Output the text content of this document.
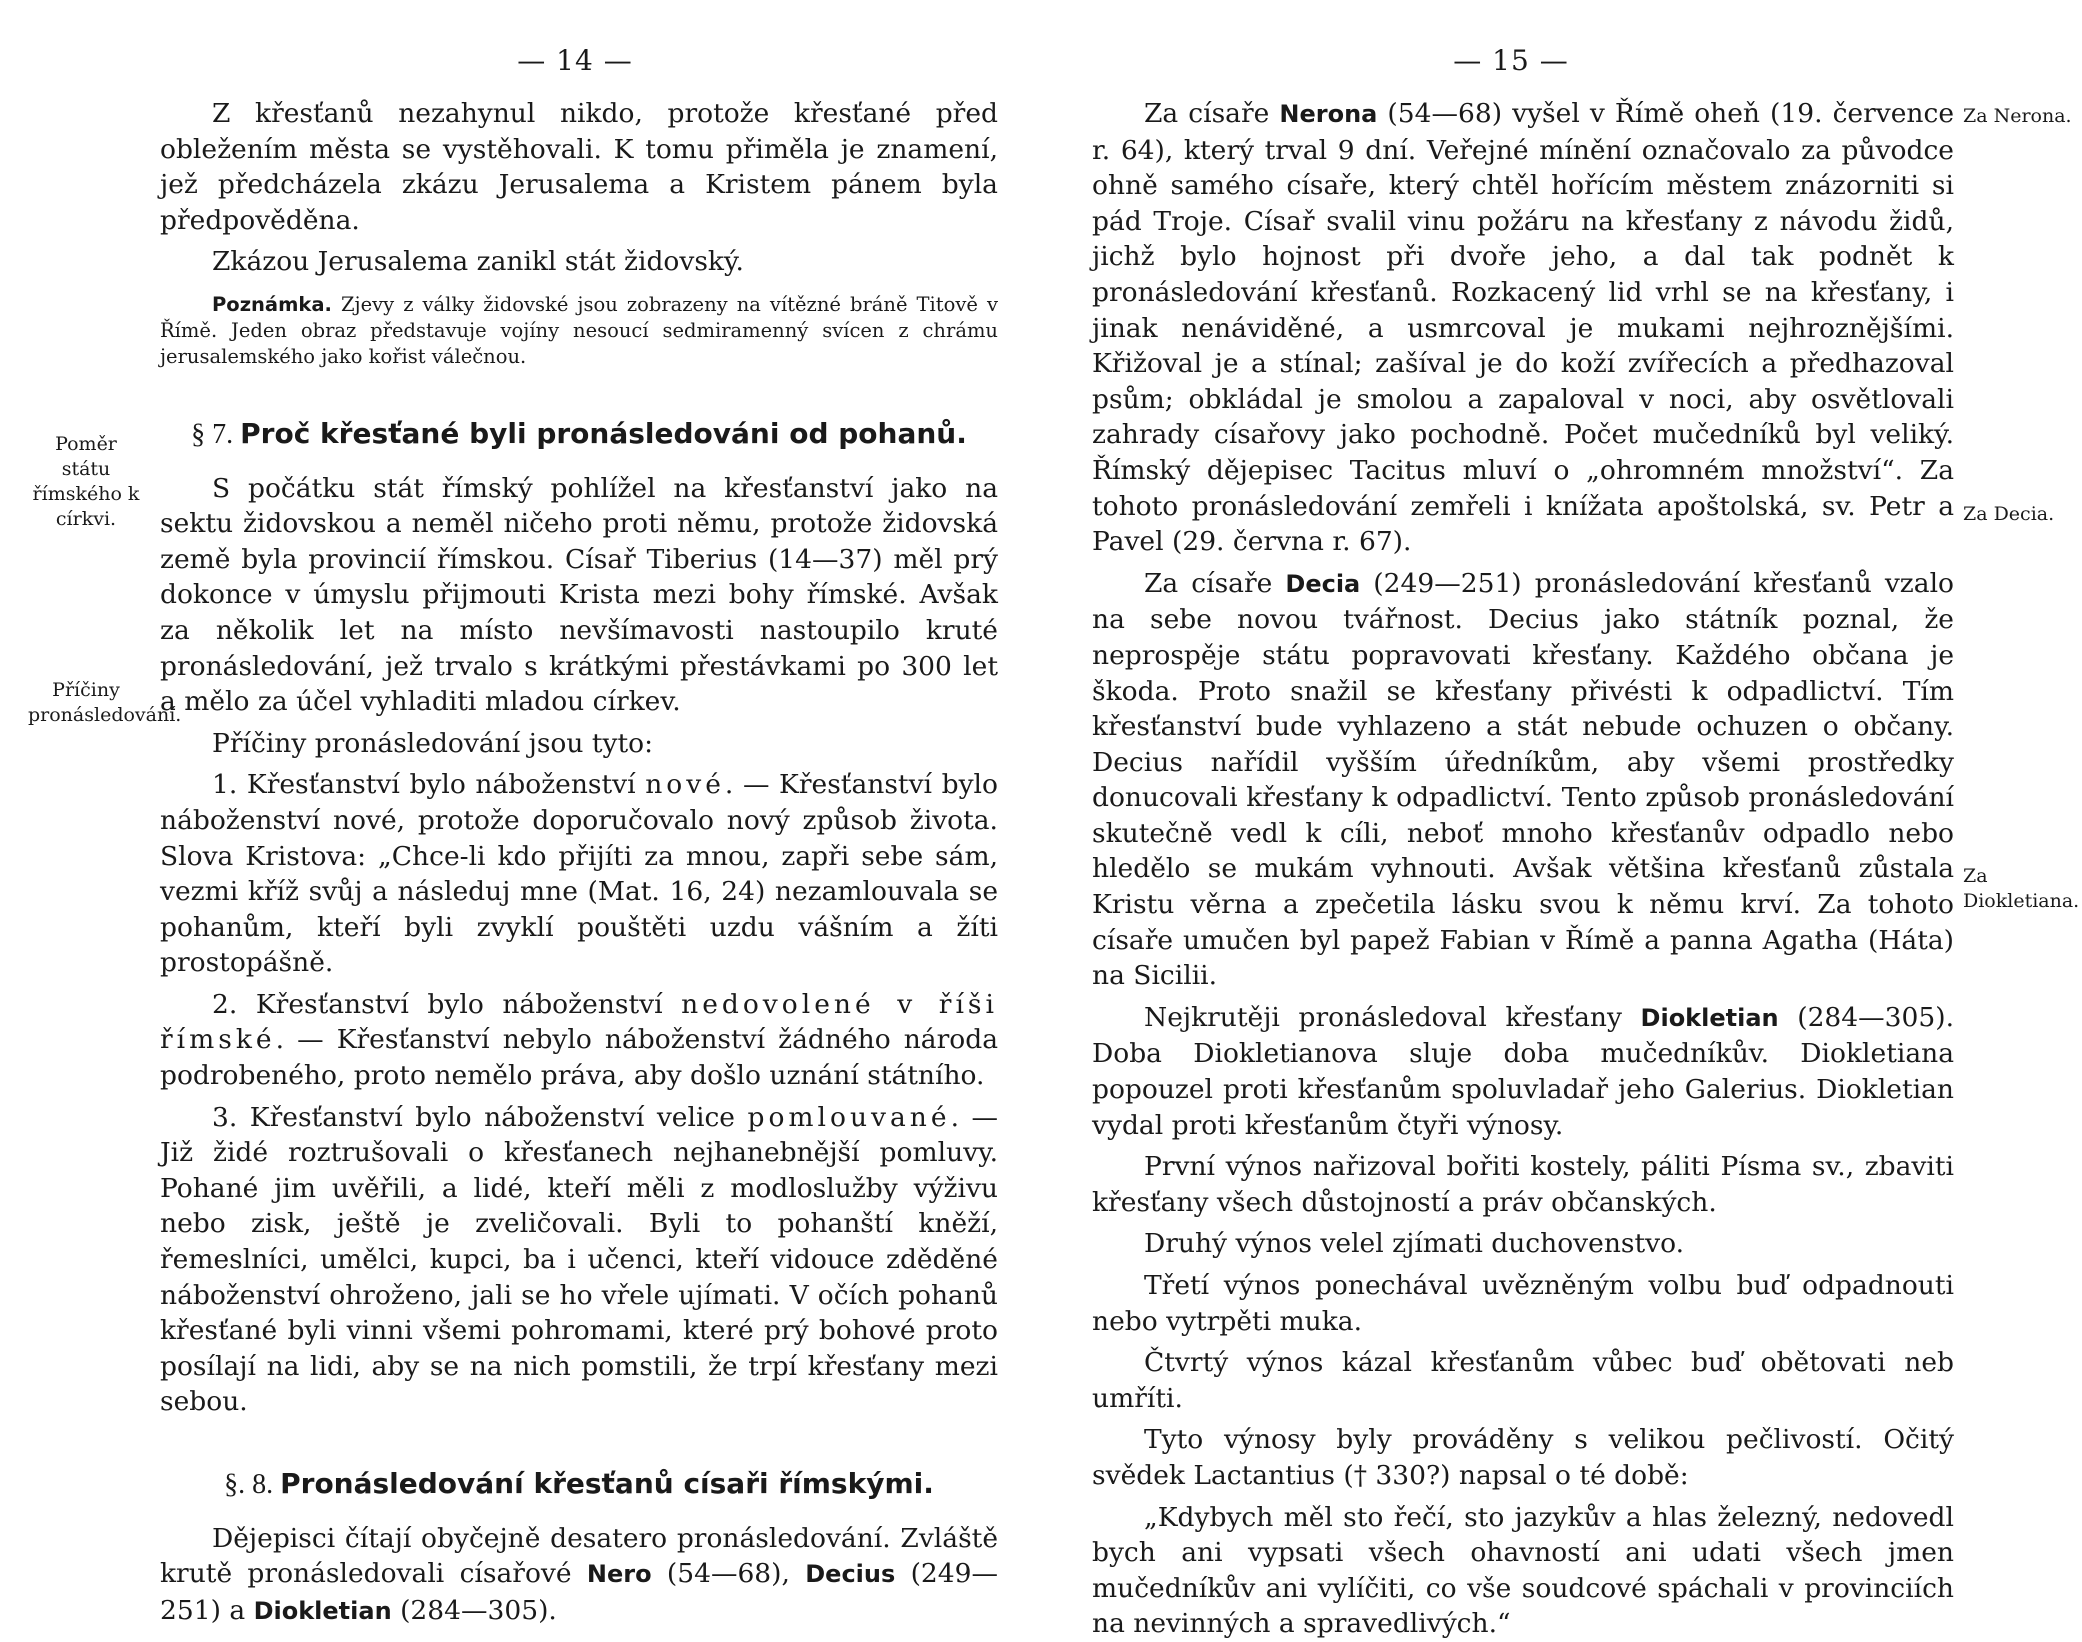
— 14 —
Poměr státu římského k církvi.
Příčiny pronásledování.

Z křesťanů nezahynul nikdo, protože křesťané před obležením města se vystěhovali. K tomu přiměla je znamení, jež předcházela zkázu Jerusalema a Kristem pánem byla předpověděna.

Zkázou Jerusalema zanikl stát židovský.

Poznámka. Zjevy z války židovské jsou zobrazeny na vítězné bráně Titově v Římě. Jeden obraz představuje vojíny nesoucí sedmiramenný svícen z chrámu jerusalemského jako kořist válečnou.

§ 7. Proč křesťané byli pronásledováni od pohanů.

S počátku stát římský pohlížel na křesťanství jako na sektu židovskou a neměl ničeho proti němu, protože židovská země byla provincií římskou. Císař Tiberius (14—37) měl prý dokonce v úmyslu přijmouti Krista mezi bohy římské. Avšak za několik let na místo nevšímavosti nastoupilo kruté pronásledování, jež trvalo s krátkými přestávkami po 300 let a mělo za účel vyhladiti mladou církev.

Příčiny pronásledování jsou tyto:

1. Křesťanství bylo náboženství nové. — Křesťanství bylo náboženství nové, protože doporučovalo nový způsob života. Slova Kristova: „Chce-li kdo přijíti za mnou, zapři sebe sám, vezmi kříž svůj a následuj mne (Mat. 16, 24) nezamlouvala se pohanům, kteří byli zvyklí pouštěti uzdu vášním a žíti prostopášně.

2. Křesťanství bylo náboženství nedovolené v říši římské. — Křesťanství nebylo náboženství žádného národa podrobeného, proto nemělo práva, aby došlo uznání státního.

3. Křesťanství bylo náboženství velice pomlouvané. — Již židé roztrušovali o křesťanech nejhanebnější pomluvy. Pohané jim uvěřili, a lidé, kteří měli z modloslužby výživu nebo zisk, ještě je zveličovali. Byli to pohanští kněží, řemeslníci, umělci, kupci, ba i učenci, kteří vidouce zděděné náboženství ohroženo, jali se ho vřele ujímati. V očích pohanů křesťané byli vinni všemi pohromami, které prý bohové proto posílají na lidi, aby se na nich pomstili, že trpí křesťany mezi sebou.

§. 8. Pronásledování křesťanů císaři římskými.

Dějepisci čítají obyčejně desatero pronásledování. Zvláště krutě pronásledovali císařové Nero (54—68), Decius (249—251) a Diokletian (284—305).

— 15 —
Za Nerona.
Za Decia.
Za Diokletiana.

Za císaře Nerona (54—68) vyšel v Římě oheň (19. července r. 64), který trval 9 dní. Veřejné mínění označovalo za původce ohně samého císaře, který chtěl hořícím městem znázorniti si pád Troje. Císař svalil vinu požáru na křesťany z návodu židů, jichž bylo hojnost při dvoře jeho, a dal tak podnět k pronásledování křesťanů. Rozkacený lid vrhl se na křesťany, i jinak nenáviděné, a usmrcoval je mukami nejhroznějšími. Křižoval je a stínal; zašíval je do koží zvířecích a předhazoval psům; obkládal je smolou a zapaloval v noci, aby osvětlovali zahrady císařovy jako pochodně. Počet mučedníků byl veliký. Římský dějepisec Tacitus mluví o „ohromném množství“. Za tohoto pronásledování zemřeli i knížata apoštolská, sv. Petr a Pavel (29. června r. 67).

Za císaře Decia (249—251) pronásledování křesťanů vzalo na sebe novou tvářnost. Decius jako státník poznal, že neprospěje státu popravovati křesťany. Každého občana je škoda. Proto snažil se křesťany přivésti k odpadlictví. Tím křesťanství bude vyhlazeno a stát nebude ochuzen o občany. Decius nařídil vyšším úředníkům, aby všemi prostředky donucovali křesťany k odpadlictví. Tento způsob pronásledování skutečně vedl k cíli, neboť mnoho křesťanův odpadlo nebo hledělo se mukám vyhnouti. Avšak většina křesťanů zůstala Kristu věrna a zpečetila lásku svou k němu krví. Za tohoto císaře umučen byl papež Fabian v Římě a panna Agatha (Háta) na Sicilii.

Nejkrutěji pronásledoval křesťany Diokletian (284—305). Doba Diokletianova sluje doba mučedníkův. Diokletiana popouzel proti křesťanům spoluvladař jeho Galerius. Diokletian vydal proti křesťanům čtyři výnosy.

První výnos nařizoval bořiti kostely, páliti Písma sv., zbaviti křesťany všech důstojností a práv občanských.

Druhý výnos velel zjímati duchovenstvo.

Třetí výnos ponechával uvězněným volbu buď odpadnouti nebo vytrpěti muka.

Čtvrtý výnos kázal křesťanům vůbec buď obětovati neb umříti.

Tyto výnosy byly prováděny s velikou pečlivostí. Očitý svědek Lactantius († 330?) napsal o té době:

„Kdybych měl sto řečí, sto jazykův a hlas železný, nedovedl bych ani vypsati všech ohavností ani udati všech jmen mučedníkův ani vylíčiti, co vše soudcové spáchali v provinciích na nevinných a spravedlivých.“
